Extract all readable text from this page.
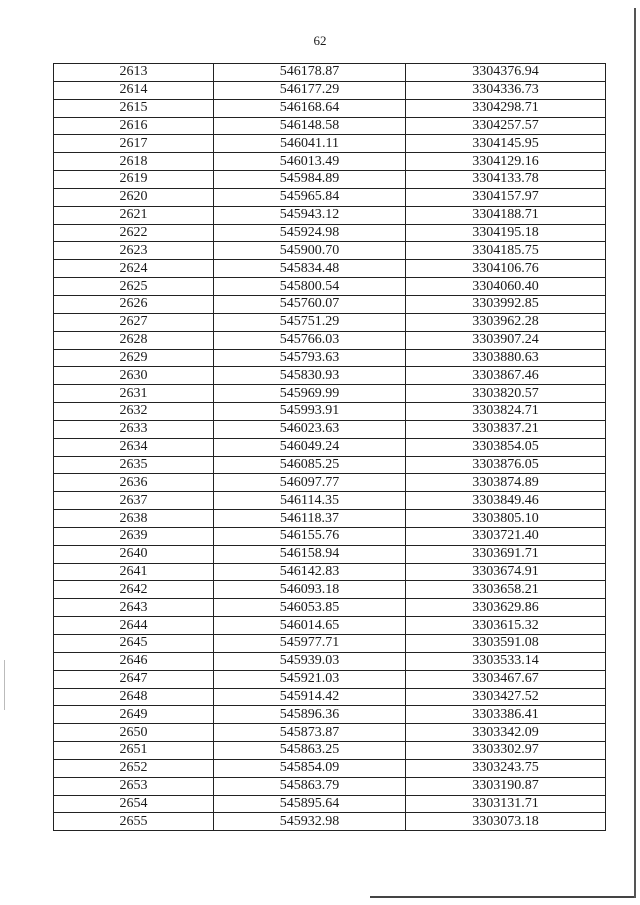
62
2613	546178.87	3304376.94
2614	546177.29	3304336.73
2615	546168.64	3304298.71
2616	546148.58	3304257.57
2617	546041.11	3304145.95
2618	546013.49	3304129.16
2619	545984.89	3304133.78
2620	545965.84	3304157.97
2621	545943.12	3304188.71
2622	545924.98	3304195.18
2623	545900.70	3304185.75
2624	545834.48	3304106.76
2625	545800.54	3304060.40
2626	545760.07	3303992.85
2627	545751.29	3303962.28
2628	545766.03	3303907.24
2629	545793.63	3303880.63
2630	545830.93	3303867.46
2631	545969.99	3303820.57
2632	545993.91	3303824.71
2633	546023.63	3303837.21
2634	546049.24	3303854.05
2635	546085.25	3303876.05
2636	546097.77	3303874.89
2637	546114.35	3303849.46
2638	546118.37	3303805.10
2639	546155.76	3303721.40
2640	546158.94	3303691.71
2641	546142.83	3303674.91
2642	546093.18	3303658.21
2643	546053.85	3303629.86
2644	546014.65	3303615.32
2645	545977.71	3303591.08
2646	545939.03	3303533.14
2647	545921.03	3303467.67
2648	545914.42	3303427.52
2649	545896.36	3303386.41
2650	545873.87	3303342.09
2651	545863.25	3303302.97
2652	545854.09	3303243.75
2653	545863.79	3303190.87
2654	545895.64	3303131.71
2655	545932.98	3303073.18
